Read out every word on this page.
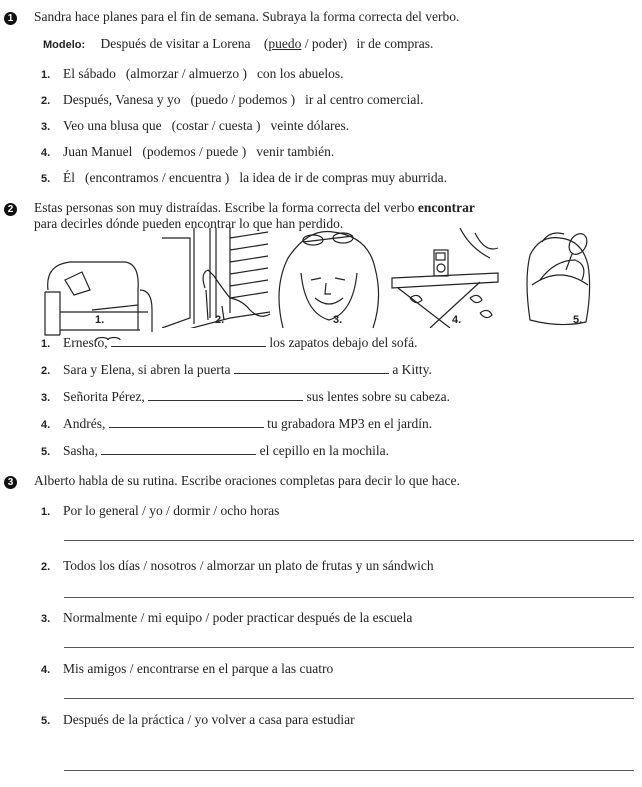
1 Sandra hace planes para el fin de semana. Subraya la forma correcta del verbo.
Modelo: Después de visitar a Lorena (puedo / poder) ir de compras.
1. El sábado (almorzar / almuerzo ) con los abuelos.
2. Después, Vanesa y yo (puedo / podemos ) ir al centro comercial.
3. Veo una blusa que (costar / cuesta ) veinte dólares.
4. Juan Manuel (podemos / puede ) venir también.
5. Él (encontramos / encuentra ) la idea de ir de compras muy aburrida.
2 Estas personas son muy distraídas. Escribe la forma correcta del verbo encontrar
para decirles dónde pueden encontrar lo que han perdido.
1.	2.	3.	4.	5.
1. Ernesto,	los zapatos debajo del sofá.
2. Sara y Elena, si abren la puerta	a Kitty.
3. Señorita Pérez,	sus lentes sobre su cabeza.
4. Andrés,	tu grabadora MP3 en el jardín.
5. Sasha,	el cepillo en la mochila.
3 Alberto habla de su rutina. Escribe oraciones completas para decir lo que hace.
1. Por lo general / yo / dormir / ocho horas
2. Todos los días / nosotros / almorzar un plato de frutas y un sándwich
3. Normalmente / mi equipo / poder practicar después de la escuela
4. Mis amigos / encontrarse en el parque a las cuatro
5. Después de la práctica / yo volver a casa para estudiar
